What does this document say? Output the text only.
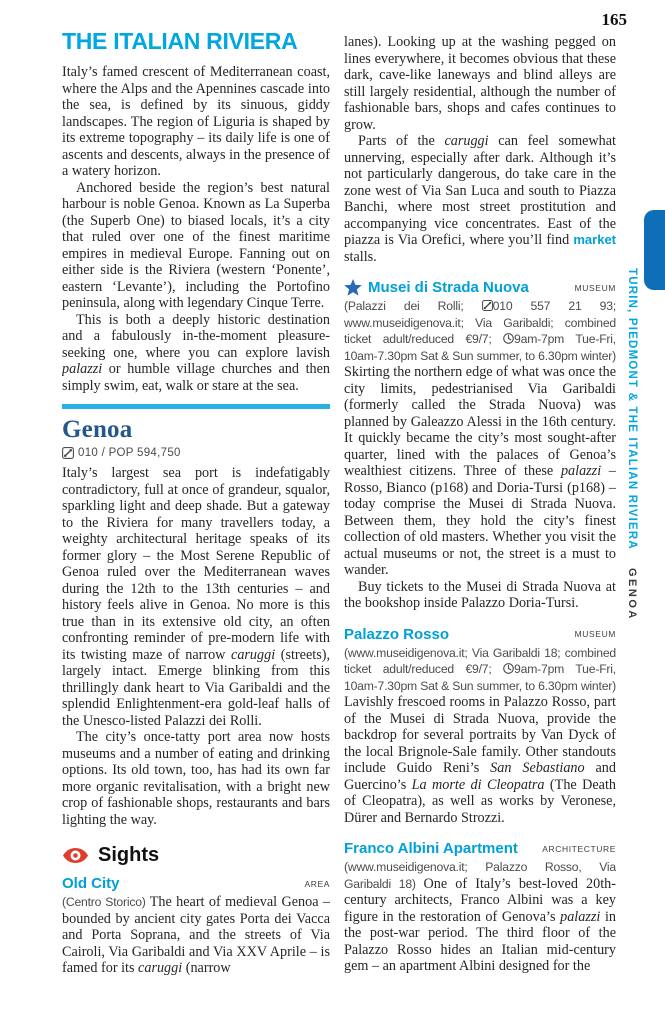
165
THE ITALIAN RIVIERA

Italy’s famed crescent of Mediterranean coast, where the Alps and the Apennines cascade into the sea, is defined by its sinuous, giddy landscapes. The region of Liguria is shaped by its extreme topography – its daily life is one of ascents and descents, always in the presence of a watery horizon.

Anchored beside the region’s best natural harbour is noble Genoa. Known as La Superba (the Superb One) to biased locals, it’s a city that ruled over one of the finest maritime empires in medieval Europe. Fanning out on either side is the Riviera (western ‘Ponente’, eastern ‘Levante’), including the Portofino peninsula, along with legendary Cinque Terre.

This is both a deeply historic destination and a fabulously in-the-moment pleasure-seeking one, where you can explore lavish palazzi or humble village churches and then simply swim, eat, walk or stare at the sea.

Genoa
010 / POP 594,750

Italy’s largest sea port is indefatigably contradictory, full at once of grandeur, squalor, sparkling light and deep shade. But a gateway to the Riviera for many travellers today, a weighty architectural heritage speaks of its former glory – the Most Serene Republic of Genoa ruled over the Mediterranean waves during the 12th to the 13th centuries – and history feels alive in Genoa. No more is this true than in its extensive old city, an often confronting reminder of pre-modern life with its twisting maze of narrow caruggi (streets), largely intact. Emerge blinking from this thrillingly dank heart to Via Garibaldi and the splendid Enlightenment-era gold-leaf halls of the Unesco-listed Palazzi dei Rolli.

The city’s once-tatty port area now hosts museums and a number of eating and drinking options. Its old town, too, has had its own far more organic revitalisation, with a bright new crop of fashionable shops, restaurants and bars lighting the way.

Sights
Old City	AREA

(Centro Storico) The heart of medieval Genoa – bounded by ancient city gates Porta dei Vacca and Porta Soprana, and the streets of Via Cairoli, Via Garibaldi and Via XXV Aprile – is famed for its caruggi (narrow

lanes). Looking up at the washing pegged on lines everywhere, it becomes obvious that these dark, cave-like laneways and blind alleys are still largely residential, although the number of fashionable bars, shops and cafes continues to grow.

Parts of the caruggi can feel somewhat unnerving, especially after dark. Although it’s not particularly dangerous, do take care in the zone west of Via San Luca and south to Piazza Banchi, where most street prostitution and accompanying vice concentrates. East of the piazza is Via Orefici, where you’ll find market stalls.

Musei di Strada Nuova	MUSEUM

(Palazzi dei Rolli; 010 557 21 93; www.museidigenova.it; Via Garibaldi; combined ticket adult/reduced €9/7; 9am-7pm Tue-Fri, 10am-7.30pm Sat & Sun summer, to 6.30pm winter) Skirting the northern edge of what was once the city limits, pedestrianised Via Garibaldi (formerly called the Strada Nuova) was planned by Galeazzo Alessi in the 16th century. It quickly became the city’s most sought-after quarter, lined with the palaces of Genoa’s wealthiest citizens. Three of these palazzi – Rosso, Bianco (p168) and Doria-Tursi (p168) – today comprise the Musei di Strada Nuova. Between them, they hold the city’s finest collection of old masters. Whether you visit the actual museums or not, the street is a must to wander.

Buy tickets to the Musei di Strada Nuova at the bookshop inside Palazzo Doria-Tursi.

Palazzo Rosso	MUSEUM

(www.museidigenova.it; Via Garibaldi 18; combined ticket adult/reduced €9/7; 9am-7pm Tue-Fri, 10am-7.30pm Sat & Sun summer, to 6.30pm winter) Lavishly frescoed rooms in Palazzo Rosso, part of the Musei di Strada Nuova, provide the backdrop for several portraits by Van Dyck of the local Brignole-Sale family. Other standouts include Guido Reni’s San Sebastiano and Guercino’s La morte di Cleopatra (The Death of Cleopatra), as well as works by Veronese, Dürer and Bernardo Strozzi.

Franco Albini Apartment	ARCHITECTURE

(www.museidigenova.it; Palazzo Rosso, Via Garibaldi 18) One of Italy’s best-loved 20th-century architects, Franco Albini was a key figure in the restoration of Genova’s palazzi in the post-war period. The third floor of the Palazzo Rosso hides an Italian mid-century gem – an apartment Albini designed for the

TURIN, PIEDMONT & THE ITALIAN RIVIERA GENOA
